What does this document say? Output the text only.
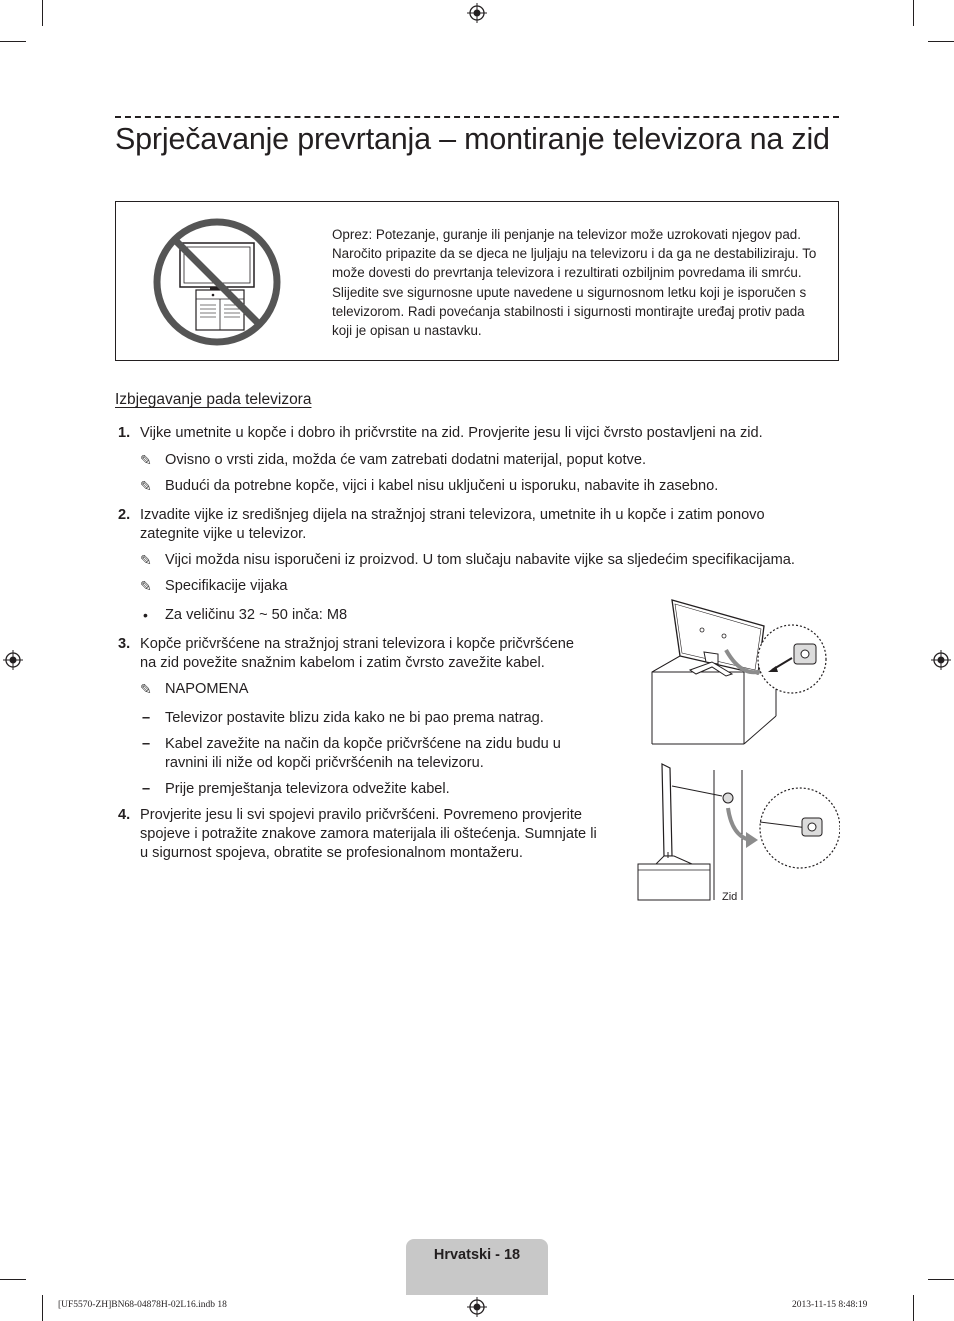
Sprječavanje prevrtanja – montiranje televizora na zid
Oprez: Potezanje, guranje ili penjanje na televizor može uzrokovati njegov pad. Naročito pripazite da se djeca ne ljuljaju na televizoru i da ga ne destabiliziraju. To može dovesti do prevrtanja televizora i rezultirati ozbiljnim povredama ili smrću. Slijedite sve sigurnosne upute navedene u sigurnosnom letku koji je isporučen s televizorom. Radi povećanja stabilnosti i sigurnosti montirajte uređaj protiv pada koji je opisan u nastavku.
Izbjegavanje pada televizora
1. Vijke umetnite u kopče i dobro ih pričvrstite na zid. Provjerite jesu li vijci čvrsto postavljeni na zid.
✎ Ovisno o vrsti zida, možda će vam zatrebati dodatni materijal, poput kotve.
✎ Budući da potrebne kopče, vijci i kabel nisu uključeni u isporuku, nabavite ih zasebno.
2. Izvadite vijke iz središnjeg dijela na stražnjoj strani televizora, umetnite ih u kopče i zatim ponovo
zategnite vijke u televizor.
✎ Vijci možda nisu isporučeni iz proizvod. U tom slučaju nabavite vijke sa sljedećim specifikacijama.
✎ Specifikacije vijaka
• Za veličinu 32 ~ 50 inča: M8
3. Kopče pričvršćene na stražnjoj strani televizora i kopče pričvršćene
na zid povežite snažnim kabelom i zatim čvrsto zavežite kabel.
✎ NAPOMENA
– Televizor postavite blizu zida kako ne bi pao prema natrag.
– Kabel zavežite na način da kopče pričvršćene na zidu budu u
ravnini ili niže od kopči pričvršćenih na televizoru.
– Prije premještanja televizora odvežite kabel.
4. Provjerite jesu li svi spojevi pravilo pričvršćeni. Povremeno provjerite
spojeve i potražite znakove zamora materijala ili oštećenja. Sumnjate li
u sigurnost spojeva, obratite se profesionalnom montažeru.
Zid
Hrvatski - 18
[UF5570-ZH]BN68-04878H-02L16.indb 18	2013-11-15 8:48:19
